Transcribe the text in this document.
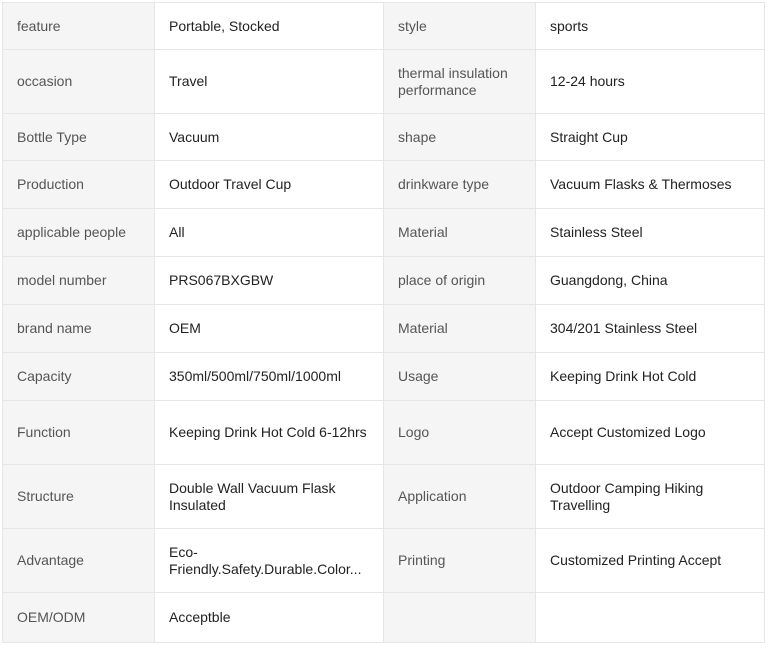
feature	Portable, Stocked	style	sports

occasion	Travel	thermal insulation performance	12-24 hours

Bottle Type	Vacuum	shape	Straight Cup

Production	Outdoor Travel Cup	drinkware type	Vacuum Flasks & Thermoses

applicable people	All	Material	Stainless Steel

model number	PRS067BXGBW	place of origin	Guangdong, China

brand name	OEM	Material	304/201 Stainless Steel

Capacity	350ml/500ml/750ml/1000ml	Usage	Keeping Drink Hot Cold

Function	Keeping Drink Hot Cold 6-12hrs	Logo	Accept Customized Logo

Structure	Double Wall Vacuum Flask Insulated	Application	Outdoor Camping Hiking Travelling

Advantage	Eco-Friendly.Safety.Durable.Color...	Printing	Customized Printing Accept

OEM/ODM	Acceptble		
